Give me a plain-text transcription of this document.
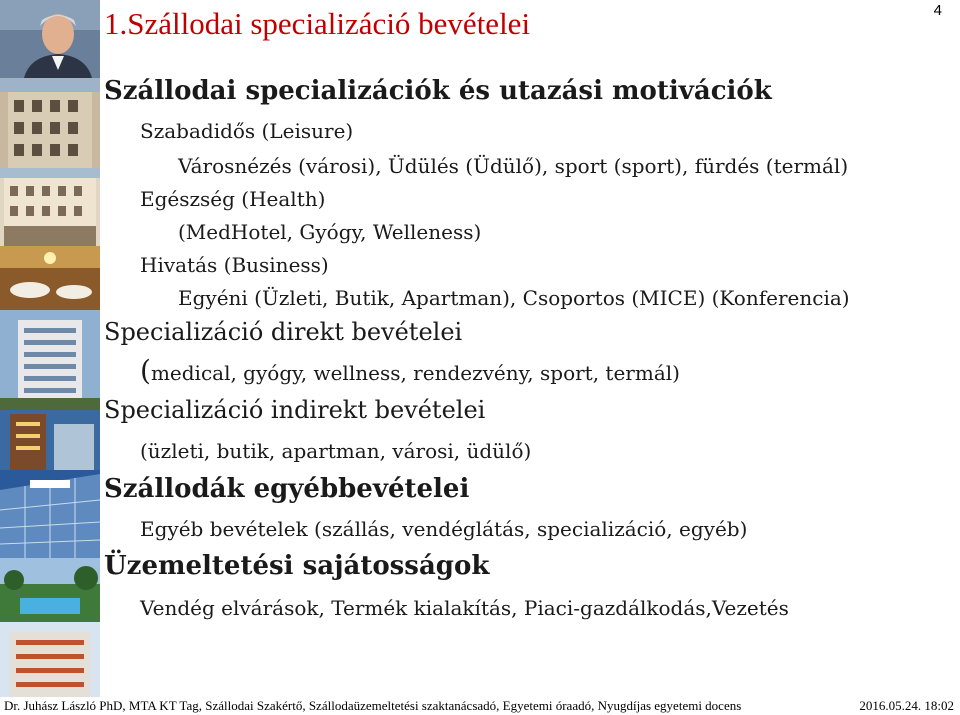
1.Szállodai specializáció bevételei	4
Szállodai specializációk és utazási motivációk
Szabadidős (Leisure)
Városnézés (városi), Üdülés (Üdülő), sport (sport), fürdés (termál)
Egészség (Health)
(MedHotel, Gyógy, Welleness)
Hivatás (Business)
Egyéni (Üzleti, Butik, Apartman), Csoportos (MICE) (Konferencia)
Specializáció direkt bevételei
(medical, gyógy, wellness, rendezvény, sport, termál)
Specializáció indirekt bevételei
(üzleti, butik, apartman, városi, üdülő)
Szállodák egyébbevételei
Egyéb bevételek (szállás, vendéglátás, specializáció, egyéb)
Üzemeltetési sajátosságok
Vendég elvárások, Termék kialakítás, Piaci-gazdálkodás,Vezetés
Dr. Juhász László PhD, MTA KT Tag, Szállodai Szakértő, Szállodaüzemeltetési szaktanácsadó, Egyetemi óraadó, Nyugdíjas egyetemi docens	2016.05.24. 18:02
